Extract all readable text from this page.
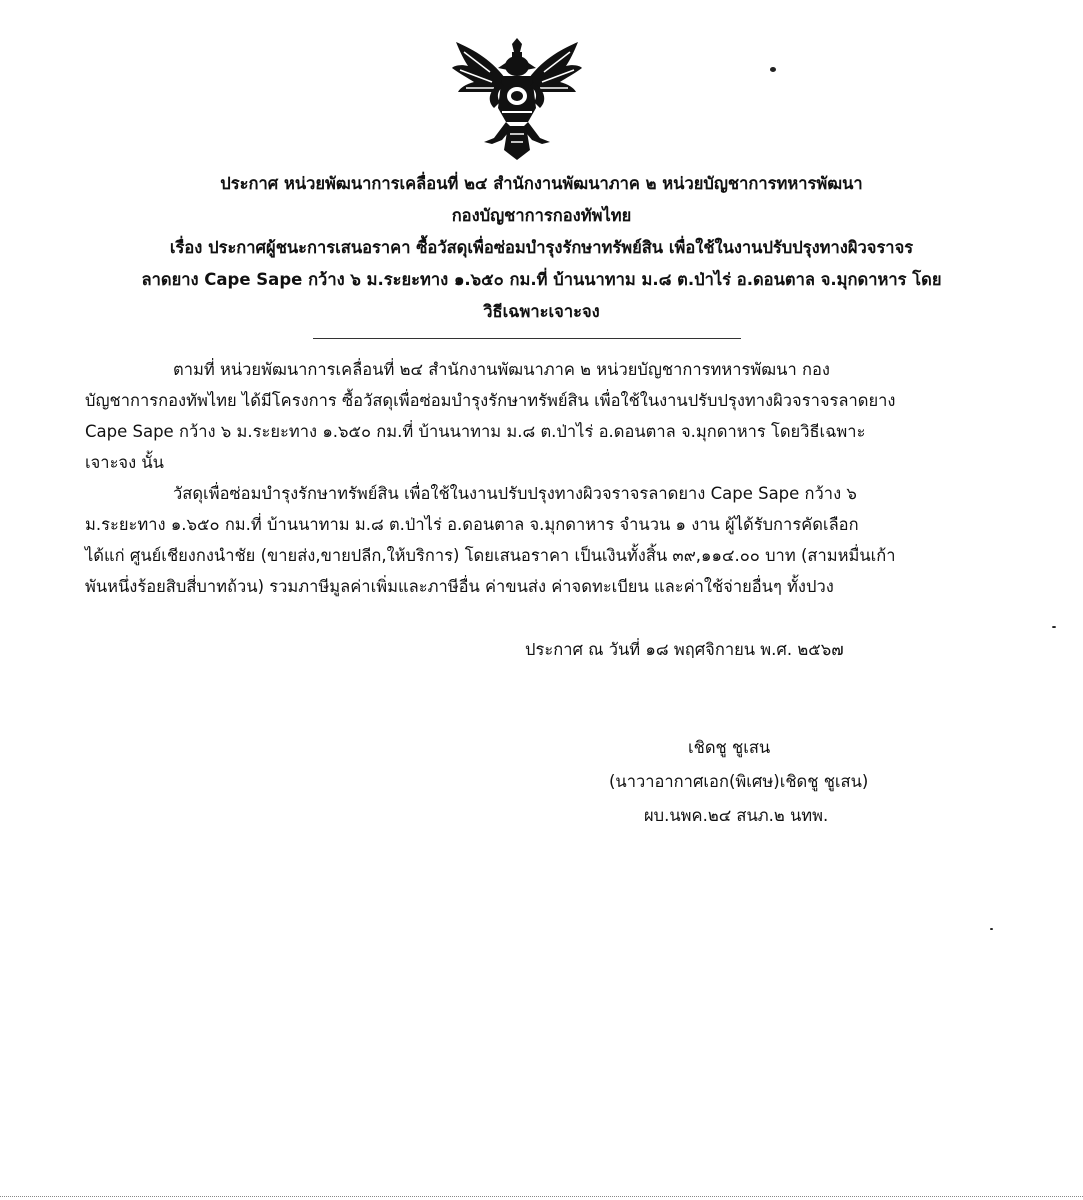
ประกาศ หน่วยพัฒนาการเคลื่อนที่ ๒๔ สำนักงานพัฒนาภาค ๒ หน่วยบัญชาการทหารพัฒนา
กองบัญชาการกองทัพไทย
เรื่อง ประกาศผู้ชนะการเสนอราคา ซื้อวัสดุเพื่อซ่อมบำรุงรักษาทรัพย์สิน เพื่อใช้ในงานปรับปรุงทางผิวจราจร
ลาดยาง Cape Sape กว้าง ๖ ม.ระยะทาง ๑.๖๕๐ กม.ที่ บ้านนาทาม ม.๘ ต.ป่าไร่ อ.ดอนตาล จ.มุกดาหาร โดย
วิธีเฉพาะเจาะจง
ตามที่ หน่วยพัฒนาการเคลื่อนที่ ๒๔ สำนักงานพัฒนาภาค ๒ หน่วยบัญชาการทหารพัฒนา กอง
บัญชาการกองทัพไทย ได้มีโครงการ ซื้อวัสดุเพื่อซ่อมบำรุงรักษาทรัพย์สิน เพื่อใช้ในงานปรับปรุงทางผิวจราจรลาดยาง
Cape Sape กว้าง ๖ ม.ระยะทาง ๑.๖๕๐ กม.ที่ บ้านนาทาม ม.๘ ต.ป่าไร่ อ.ดอนตาล จ.มุกดาหาร โดยวิธีเฉพาะ
เจาะจง นั้น
วัสดุเพื่อซ่อมบำรุงรักษาทรัพย์สิน เพื่อใช้ในงานปรับปรุงทางผิวจราจรลาดยาง Cape Sape กว้าง ๖
ม.ระยะทาง ๑.๖๕๐ กม.ที่ บ้านนาทาม ม.๘ ต.ป่าไร่ อ.ดอนตาล จ.มุกดาหาร จำนวน ๑ งาน ผู้ได้รับการคัดเลือก
ได้แก่ ศูนย์เชียงกงนำชัย (ขายส่ง,ขายปลีก,ให้บริการ) โดยเสนอราคา เป็นเงินทั้งสิ้น ๓๙,๑๑๔.๐๐ บาท (สามหมื่นเก้า
พันหนึ่งร้อยสิบสี่บาทถ้วน) รวมภาษีมูลค่าเพิ่มและภาษีอื่น ค่าขนส่ง ค่าจดทะเบียน และค่าใช้จ่ายอื่นๆ ทั้งปวง
ประกาศ ณ วันที่ ๑๘ พฤศจิกายน พ.ศ. ๒๕๖๗
เชิดชู ชูเสน
(นาวาอากาศเอก(พิเศษ)เชิดชู ชูเสน)
ผบ.นพค.๒๔ สนภ.๒ นทพ.
